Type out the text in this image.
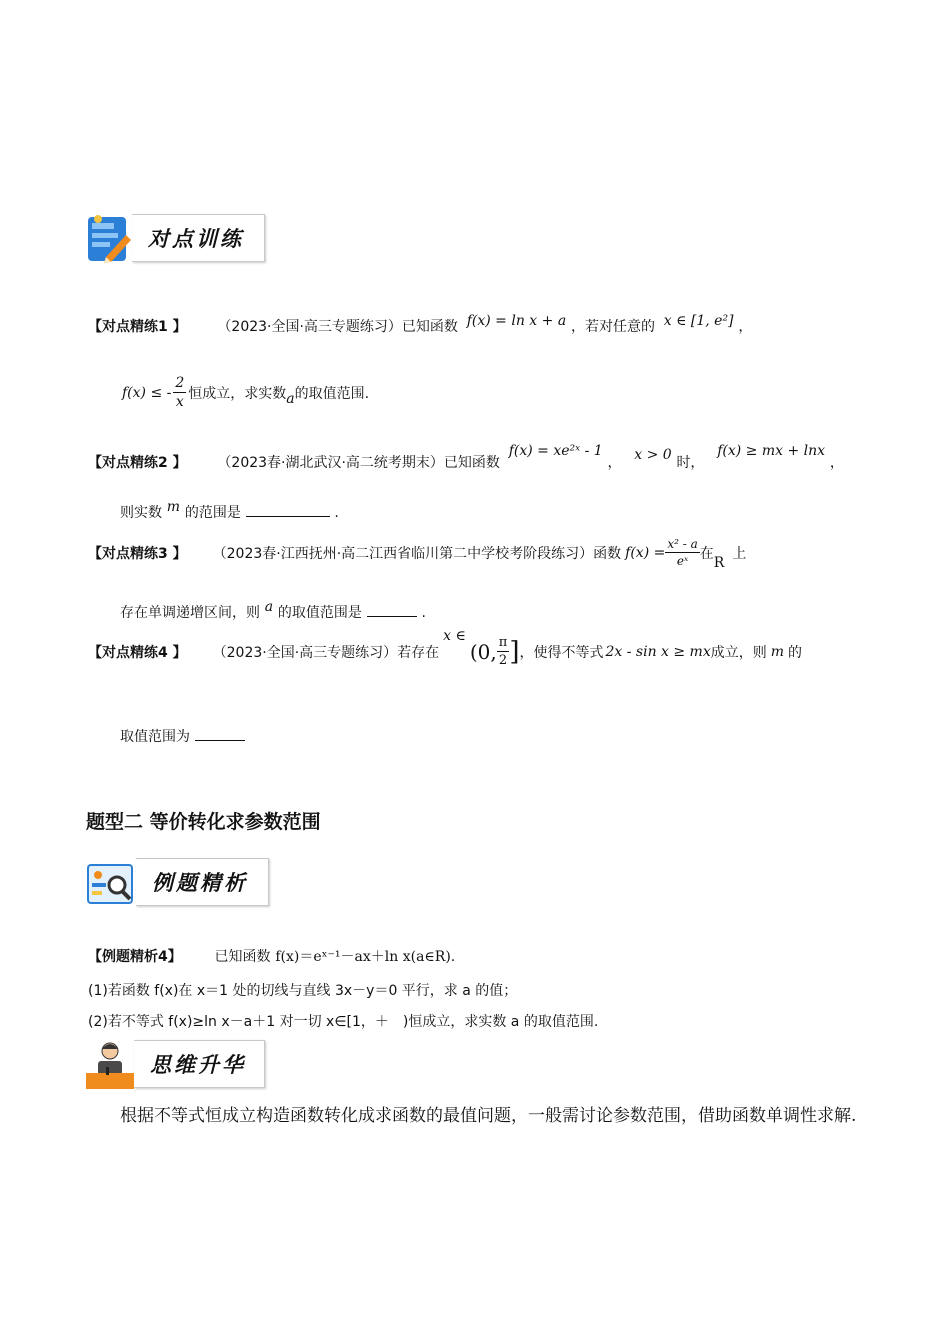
对点训练
【对点精练1 】 （2023·全国·高三专题练习）已知函数 f(x) = ln x + a ，若对任意的 x ∈ [1, e²] ，
f(x) ≤ - $\frac{2}{x}$ 恒成立，求实数 a 的取值范围.
【对点精练2 】 （2023春·湖北武汉·高二统考期末）已知函数 f(x) = xe²ˣ - 1 ， x > 0 时， f(x) ≥ mx + lnx ，
则实数 m 的范围是	.
【对点精练3 】 （2023春·江西抚州·高二江西省临川第二中学校考阶段练习）函数 $f(x) = \frac{\text{x² - a}}{\text{eˣ}}$ 在
R
上
存在单调递增区间，则 a 的取值范围是	.
【对点精练4 】 （2023·全国·高三专题练习）若存在
x ∈
(0, $\frac{\pi}{2}$ ] ，使得不等式 2x - sin x ≥ mx 成立，则 m 的
取值范围为
题型二 等价转化求参数范围
例题精析
【例题精析4】 已知函数 f(x)＝eˣ⁻¹－ax＋ln x(a∈R).
(1)若函数 f(x)在 x＝1 处的切线与直线 3x－y＝0 平行，求 a 的值；
(2)若不等式 f(x)≥ln x－a＋1 对一切 x∈[1，＋　)恒成立，求实数 a 的取值范围.
思维升华
根据不等式恒成立构造函数转化成求函数的最值问题，一般需讨论参数范围，借助函数单调性求解.
